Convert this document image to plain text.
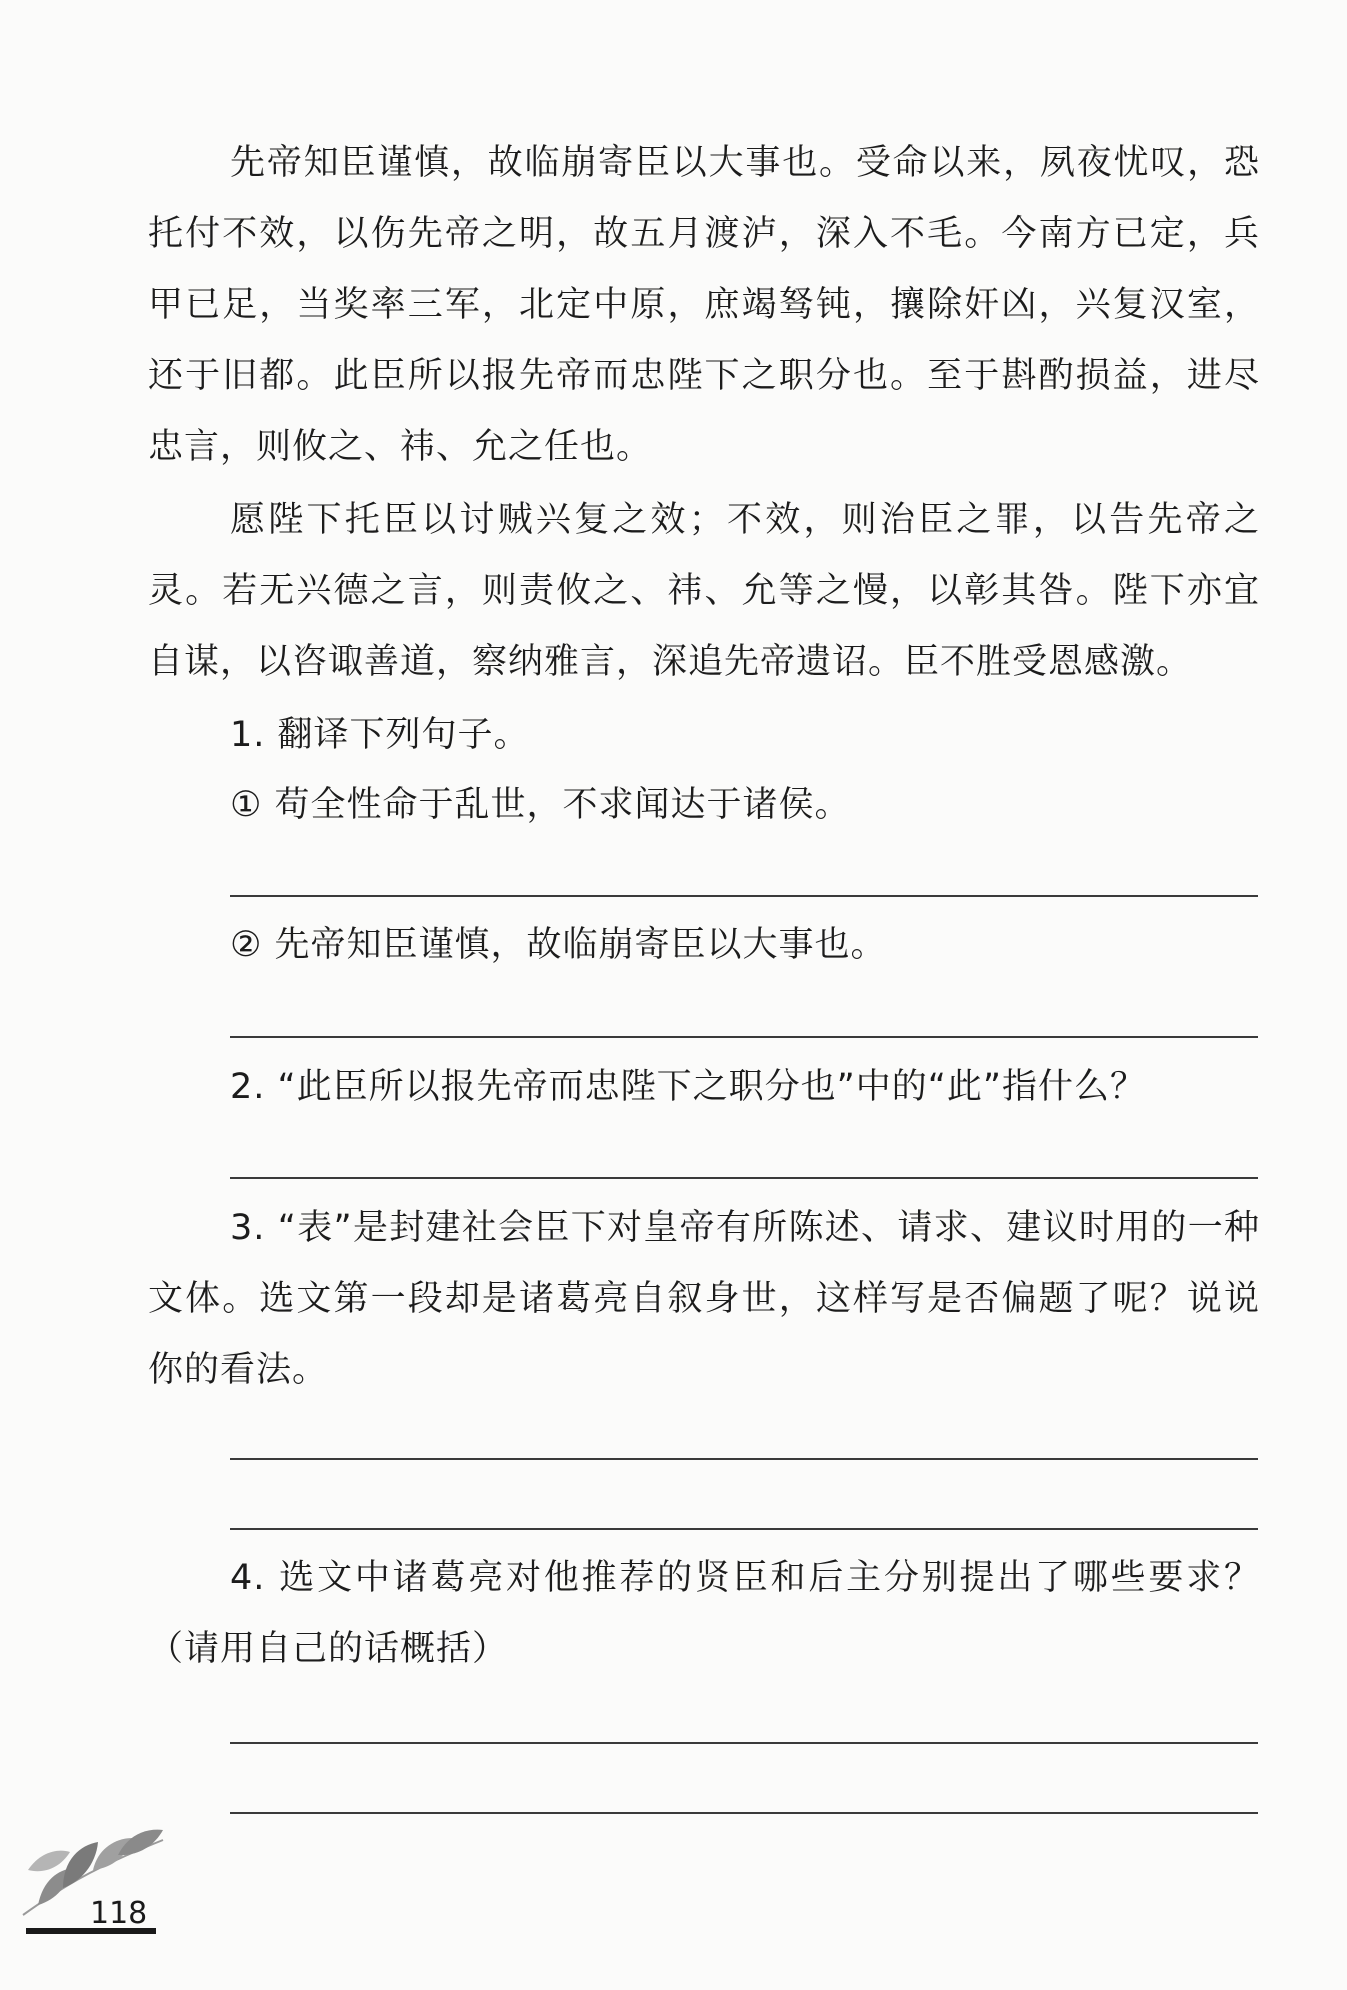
先帝知臣谨慎，故临崩寄臣以大事也。受命以来，夙夜忧叹，恐托付不效，以伤先帝之明，故五月渡泸，深入不毛。今南方已定，兵甲已足，当奖率三军，北定中原，庶竭驽钝，攘除奸凶，兴复汉室，还于旧都。此臣所以报先帝而忠陛下之职分也。至于斟酌损益，进尽忠言，则攸之、祎、允之任也。

愿陛下托臣以讨贼兴复之效；不效，则治臣之罪，以告先帝之灵。若无兴德之言，则责攸之、祎、允等之慢，以彰其咎。陛下亦宜自谋，以咨诹善道，察纳雅言，深追先帝遗诏。臣不胜受恩感激。

1. 翻译下列句子。

① 苟全性命于乱世，不求闻达于诸侯。

② 先帝知臣谨慎，故临崩寄臣以大事也。

2. “此臣所以报先帝而忠陛下之职分也”中的“此”指什么？

3. “表”是封建社会臣下对皇帝有所陈述、请求、建议时用的一种文体。选文第一段却是诸葛亮自叙身世，这样写是否偏题了呢？说说你的看法。

4. 选文中诸葛亮对他推荐的贤臣和后主分别提出了哪些要求？（请用自己的话概括）

118
